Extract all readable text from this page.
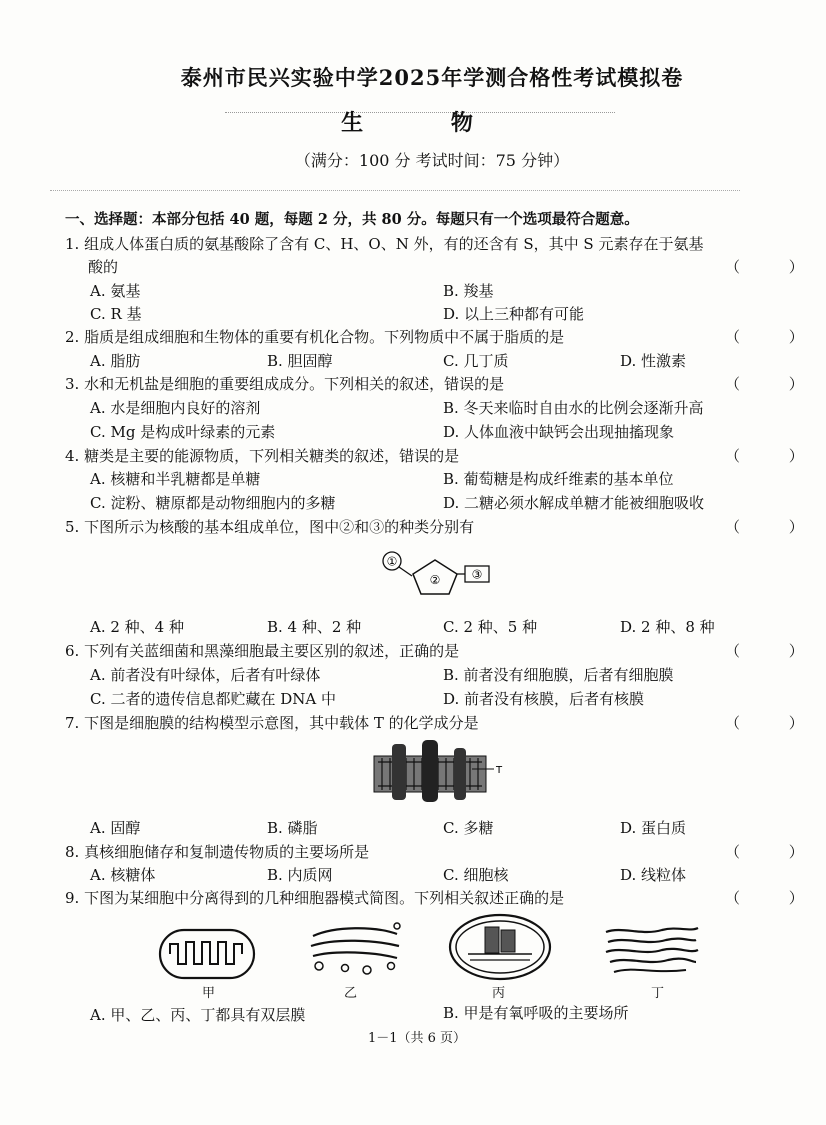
泰州市民兴实验中学2025年学测合格性考试模拟卷
生 物
（满分：100 分 考试时间：75 分钟）
一、选择题：本部分包括 40 题，每题 2 分，共 80 分。每题只有一个选项最符合题意。
1. 组成人体蛋白质的氨基酸除了含有 C、H、O、N 外，有的还含有 S，其中 S 元素存在于氨基
酸的	（ ）
A. 氨基	B. 羧基
C. R 基	D. 以上三种都有可能
2. 脂质是组成细胞和生物体的重要有机化合物。下列物质中不属于脂质的是	（ ）
A. 脂肪	B. 胆固醇	C. 几丁质	D. 性激素
3. 水和无机盐是细胞的重要组成成分。下列相关的叙述，错误的是	（ ）
A. 水是细胞内良好的溶剂	B. 冬天来临时自由水的比例会逐渐升高
C. Mg 是构成叶绿素的元素	D. 人体血液中缺钙会出现抽搐现象
4. 糖类是主要的能源物质，下列相关糖类的叙述，错误的是	（ ）
A. 核糖和半乳糖都是单糖	B. 葡萄糖是构成纤维素的基本单位
C. 淀粉、糖原都是动物细胞内的多糖	D. 二糖必须水解成单糖才能被细胞吸收
5. 下图所示为核酸的基本组成单位，图中②和③的种类分别有	（ ）
①
②	③
A. 2 种、4 种	B. 4 种、2 种	C. 2 种、5 种	D. 2 种、8 种
6. 下列有关蓝细菌和黑藻细胞最主要区别的叙述，正确的是	（ ）
A. 前者没有叶绿体，后者有叶绿体	B. 前者没有细胞膜，后者有细胞膜
C. 二者的遗传信息都贮藏在 DNA 中	D. 前者没有核膜，后者有核膜
7. 下图是细胞膜的结构模型示意图，其中载体 T 的化学成分是	（ ）
T
A. 固醇	B. 磷脂	C. 多糖	D. 蛋白质
8. 真核细胞储存和复制遗传物质的主要场所是	（ ）
A. 核糖体	B. 内质网	C. 细胞核	D. 线粒体
9. 下图为某细胞中分离得到的几种细胞器模式简图。下列相关叙述正确的是	（ ）
甲	乙	丙	丁
A. 甲、乙、丙、丁都具有双层膜	B. 甲是有氧呼吸的主要场所
1－1（共 6 页）
